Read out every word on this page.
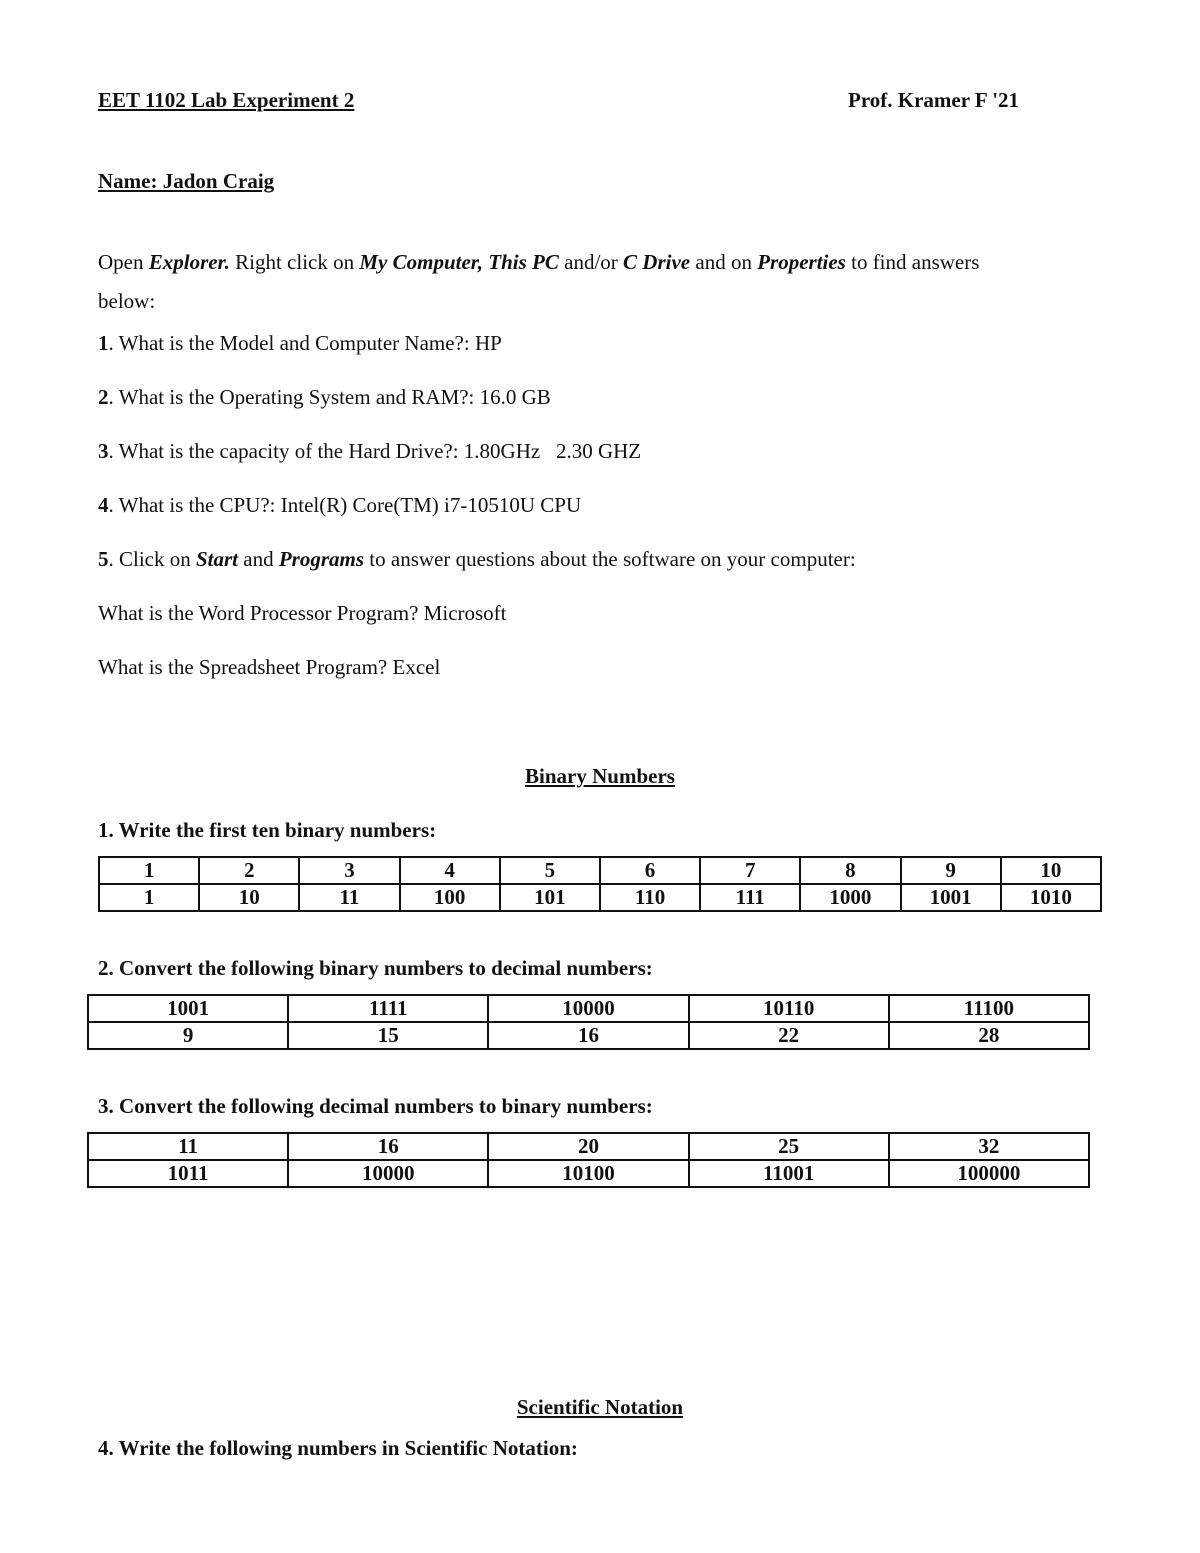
EET 1102 Lab Experiment 2	Prof. Kramer F '21
Name: Jadon Craig
Open Explorer. Right click on My Computer, This PC and/or C Drive and on Properties to find answers
below:
1. What is the Model and Computer Name?: HP
2. What is the Operating System and RAM?: 16.0 GB
3. What is the capacity of the Hard Drive?: 1.80GHz   2.30 GHZ
4. What is the CPU?: Intel(R) Core(TM) i7-10510U CPU
5. Click on Start and Programs to answer questions about the software on your computer:
What is the Word Processor Program? Microsoft
What is the Spreadsheet Program? Excel
Binary Numbers
1. Write the first ten binary numbers:
1	2	3	4	5	6	7	8	9	10
1	10	11	100	101	110	111	1000	1001	1010
2. Convert the following binary numbers to decimal numbers:
1001	1111	10000	10110	11100
9	15	16	22	28
3. Convert the following decimal numbers to binary numbers:
11	16	20	25	32
1011	10000	10100	11001	100000
Scientific Notation
4. Write the following numbers in Scientific Notation:
